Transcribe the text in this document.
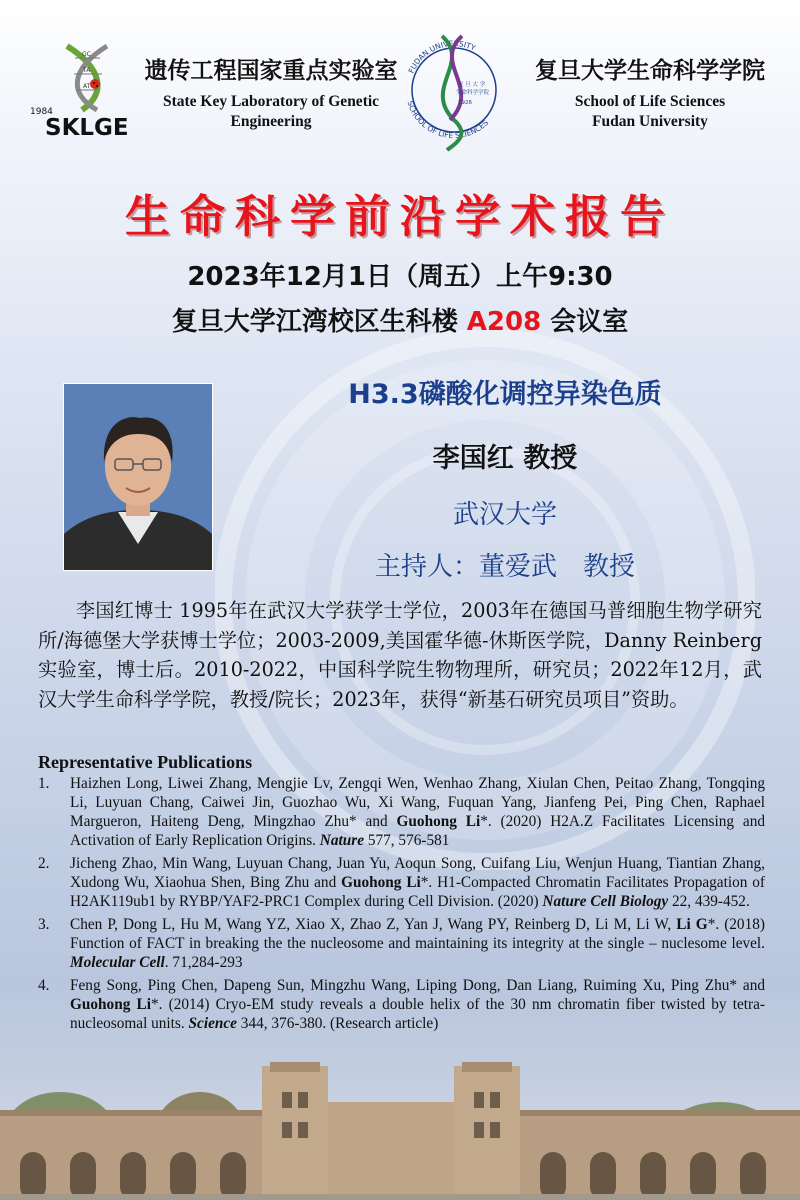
GC
TA
AT
1984
SKLGE
遗传工程国家重点实验室
State Key Laboratory of Genetic
Engineering
FUDAN UNIVERSITY
SCHOOL OF LIFE SCIENCES
复 旦 大 学
生命科学学院
1926
复旦大学生命科学学院
School of Life Sciences
Fudan University
生命科学前沿学术报告
2023年12月1日（周五）上午9:30
复旦大学江湾校区生科楼 A208 会议室
H3.3磷酸化调控异染色质
李国红 教授
武汉大学
主持人：董爱武　教授
李国红博士 1995年在武汉大学获学士学位，2003年在德国马普细胞生物学研究所/海德堡大学获博士学位；2003-2009,美国霍华德-休斯医学院，Danny Reinberg实验室，博士后。2010-2022，中国科学院生物物理所，研究员；2022年12月，武汉大学生命科学学院，教授/院长；2023年，获得“新基石研究员项目”资助。
Representative Publications
1. Haizhen Long, Liwei Zhang, Mengjie Lv, Zengqi Wen, Wenhao Zhang, Xiulan Chen, Peitao Zhang, Tongqing Li, Luyuan Chang, Caiwei Jin, Guozhao Wu, Xi Wang, Fuquan Yang, Jianfeng Pei, Ping Chen, Raphael Margueron, Haiteng Deng, Mingzhao Zhu* and Guohong Li*. (2020) H2A.Z Facilitates Licensing and Activation of Early Replication Origins. Nature 577, 576-581
2. Jicheng Zhao, Min Wang, Luyuan Chang, Juan Yu, Aoqun Song, Cuifang Liu, Wenjun Huang, Tiantian Zhang, Xudong Wu, Xiaohua Shen, Bing Zhu and Guohong Li*. H1-Compacted Chromatin Facilitates Propagation of H2AK119ub1 by RYBP/YAF2-PRC1 Complex during Cell Division. (2020) Nature Cell Biology 22, 439-452.
3. Chen P, Dong L, Hu M, Wang YZ, Xiao X, Zhao Z, Yan J, Wang PY, Reinberg D, Li M, Li W, Li G*. (2018) Function of FACT in breaking the the nucleosome and maintaining its integrity at the single – nuclesome level. Molecular Cell. 71,284-293
4. Feng Song, Ping Chen, Dapeng Sun, Mingzhu Wang, Liping Dong, Dan Liang, Ruiming Xu, Ping Zhu* and Guohong Li*. (2014) Cryo-EM study reveals a double helix of the 30 nm chromatin fiber twisted by tetra-nucleosomal units. Science 344, 376-380. (Research article)
